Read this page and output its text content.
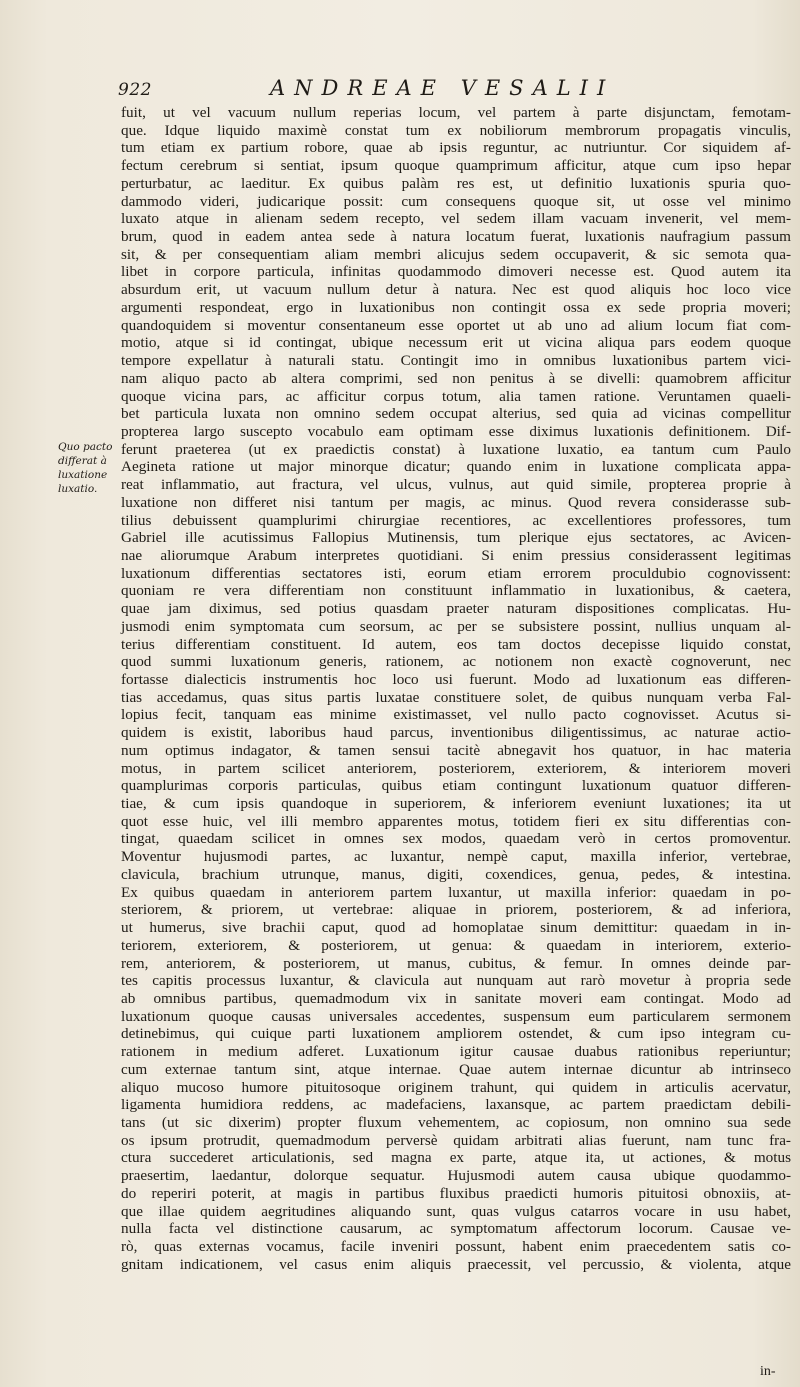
922	ANDREAE VESALII
Quo pacto
differat à
luxatione
luxatio.
fuit, ut vel vacuum nullum reperias locum, vel partem à parte disjunctam, femotam-
que. Idque liquido maximè constat tum ex nobiliorum membrorum propagatis vinculis,
tum etiam ex partium robore, quae ab ipsis reguntur, ac nutriuntur. Cor siquidem af-
fectum cerebrum si sentiat, ipsum quoque quamprimum afficitur, atque cum ipso hepar
perturbatur, ac laeditur. Ex quibus palàm res est, ut definitio luxationis spuria quo-
dammodo videri, judicarique possit: cum consequens quoque sit, ut osse vel minimo
luxato atque in alienam sedem recepto, vel sedem illam vacuam invenerit, vel mem-
brum, quod in eadem antea sede à natura locatum fuerat, luxationis naufragium passum
sit, & per consequentiam aliam membri alicujus sedem occupaverit, & sic semota qua-
libet in corpore particula, infinitas quodammodo dimoveri necesse est. Quod autem ita
absurdum erit, ut vacuum nullum detur à natura. Nec est quod aliquis hoc loco vice
argumenti respondeat, ergo in luxationibus non contingit ossa ex sede propria moveri;
quandoquidem si moventur consentaneum esse oportet ut ab uno ad alium locum fiat com-
motio, atque si id contingat, ubique necessum erit ut vicina aliqua pars eodem quoque
tempore expellatur à naturali statu. Contingit imo in omnibus luxationibus partem vici-
nam aliquo pacto ab altera comprimi, sed non penitus à se divelli: quamobrem afficitur
quoque vicina pars, ac afficitur corpus totum, alia tamen ratione. Veruntamen quaeli-
bet particula luxata non omnino sedem occupat alterius, sed quia ad vicinas compellitur
propterea largo suscepto vocabulo eam optimam esse diximus luxationis definitionem. Dif-
ferunt praeterea (ut ex praedictis constat) à luxatione luxatio, ea tantum cum Paulo
Aegineta ratione ut major minorque dicatur; quando enim in luxatione complicata appa-
reat inflammatio, aut fractura, vel ulcus, vulnus, aut quid simile, propterea proprie à
luxatione non differet nisi tantum per magis, ac minus. Quod revera considerasse sub-
tilius debuissent quamplurimi chirurgiae recentiores, ac excellentiores professores, tum
Gabriel ille acutissimus Fallopius Mutinensis, tum plerique ejus sectatores, ac Avicen-
nae aliorumque Arabum interpretes quotidiani. Si enim pressius considerassent legitimas
luxationum differentias sectatores isti, eorum etiam errorem proculdubio cognovissent:
quoniam re vera differentiam non constituunt inflammatio in luxationibus, & caetera,
quae jam diximus, sed potius quasdam praeter naturam dispositiones complicatas. Hu-
jusmodi enim symptomata cum seorsum, ac per se subsistere possint, nullius unquam al-
terius differentiam constituent. Id autem, eos tam doctos decepisse liquido constat,
quod summi luxationum generis, rationem, ac notionem non exactè cognoverunt, nec
fortasse dialecticis instrumentis hoc loco usi fuerunt. Modo ad luxationum eas differen-
tias accedamus, quas situs partis luxatae constituere solet, de quibus nunquam verba Fal-
lopius fecit, tanquam eas minime existimasset, vel nullo pacto cognovisset. Acutus si-
quidem is existit, laboribus haud parcus, inventionibus diligentissimus, ac naturae actio-
num optimus indagator, & tamen sensui tacitè abnegavit hos quatuor, in hac materia
motus, in partem scilicet anteriorem, posteriorem, exteriorem, & interiorem moveri
quamplurimas corporis particulas, quibus etiam contingunt luxationum quatuor differen-
tiae, & cum ipsis quandoque in superiorem, & inferiorem eveniunt luxationes; ita ut
quot esse huic, vel illi membro apparentes motus, totidem fieri ex situ differentias con-
tingat, quaedam scilicet in omnes sex modos, quaedam verò in certos promoventur.
Moventur hujusmodi partes, ac luxantur, nempè caput, maxilla inferior, vertebrae,
clavicula, brachium utrunque, manus, digiti, coxendices, genua, pedes, & intestina.
Ex quibus quaedam in anteriorem partem luxantur, ut maxilla inferior: quaedam in po-
steriorem, & priorem, ut vertebrae: aliquae in priorem, posteriorem, & ad inferiora,
ut humerus, sive brachii caput, quod ad homoplatae sinum demittitur: quaedam in in-
teriorem, exteriorem, & posteriorem, ut genua: & quaedam in interiorem, exterio-
rem, anteriorem, & posteriorem, ut manus, cubitus, & femur. In omnes deinde par-
tes capitis processus luxantur, & clavicula aut nunquam aut rarò movetur à propria sede
ab omnibus partibus, quemadmodum vix in sanitate moveri eam contingat. Modo ad
luxationum quoque causas universales accedentes, suspensum eum particularem sermonem
detinebimus, qui cuique parti luxationem ampliorem ostendet, & cum ipso integram cu-
rationem in medium adferet. Luxationum igitur causae duabus rationibus reperiuntur;
cum externae tantum sint, atque internae. Quae autem internae dicuntur ab intrinseco
aliquo mucoso humore pituitosoque originem trahunt, qui quidem in articulis acervatur,
ligamenta humidiora reddens, ac madefaciens, laxansque, ac partem praedictam debili-
tans (ut sic dixerim) propter fluxum vehementem, ac copiosum, non omnino sua sede
os ipsum protrudit, quemadmodum perversè quidam arbitrati alias fuerunt, nam tunc fra-
ctura succederet articulationis, sed magna ex parte, atque ita, ut actiones, & motus
praesertim, laedantur, dolorque sequatur. Hujusmodi autem causa ubique quodammo-
do reperiri poterit, at magis in partibus fluxibus praedicti humoris pituitosi obnoxiis, at-
que illae quidem aegritudines aliquando sunt, quas vulgus catarros vocare in usu habet,
nulla facta vel distinctione causarum, ac symptomatum affectorum locorum. Causae ve-
rò, quas externas vocamus, facile inveniri possunt, habent enim praecedentem satis co-
gnitam indicationem, vel casus enim aliquis praecessit, vel percussio, & violenta, atque
in-
